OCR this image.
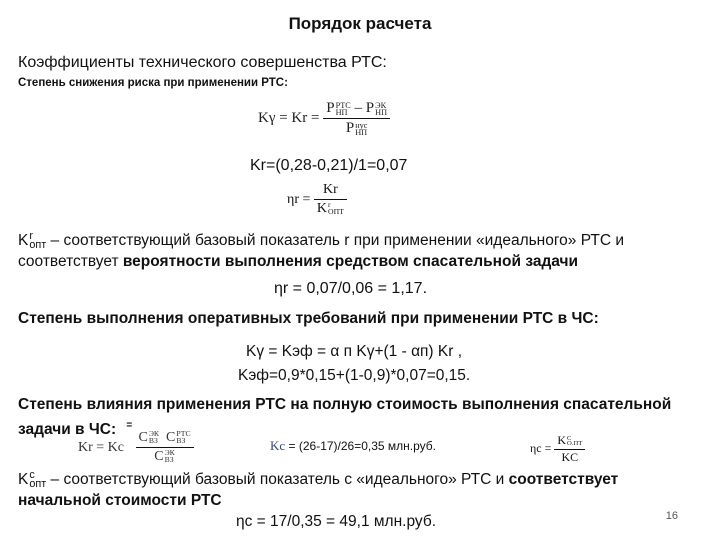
Порядок расчета
Коэффициенты технического совершенства РТС:
Степень снижения риска при применении РТС:
Kγ = Kr = P РТС
НП – P ЭК
НП
P нус
НП
Kr=(0,28-0,21)/1=0,07
ηr = Kr
K r
ОПТ
K r
опт – соответствующий базовый показатель r при применении «идеального» РТС и
соответствует вероятности выполнения средством спасательной задачи
ηr = 0,07/0,06 = 1,17.
Степень выполнения оперативных требований при применении РТС в ЧС:
Kγ = Kэф = α п Kγ+(1 - αп) Kr ,
Kэф=0,9*0,15+(1-0,9)*0,07=0,15.
Степень влияния применения РТС на полную стоимость выполнения спасательной
задачи в ЧС: =
Kr = Kс C ЭК
ВЗ C РТС
ВЗ
C ЭК
ВЗ	Kс = (26-17)/26=0,35 млн.руб.	ηс = K C
О.ПТ
KC
K с
опт – соответствующий базовый показатель с «идеального» РТС и соответствует
начальной стоимости РТС
ηс = 17/0,35 = 49,1 млн.руб.	16
